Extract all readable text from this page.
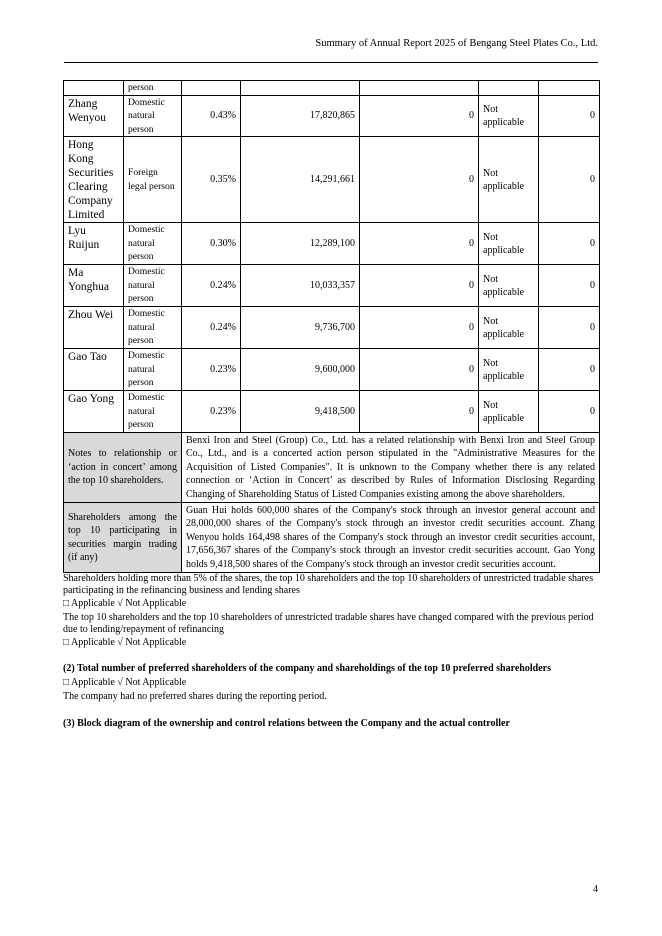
Summary of Annual Report 2025 of Bengang Steel Plates Co., Ltd.
	person					
Zhang Wenyou	Domestic natural person	0.43%	17,820,865	0	Not applicable	0
Hong Kong Securities Clearing Company Limited	Foreign legal person	0.35%	14,291,661	0	Not applicable	0
Lyu Ruijun	Domestic natural person	0.30%	12,289,100	0	Not applicable	0
Ma Yonghua	Domestic natural person	0.24%	10,033,357	0	Not applicable	0
Zhou Wei	Domestic natural person	0.24%	9,736,700	0	Not applicable	0
Gao Tao	Domestic natural person	0.23%	9,600,000	0	Not applicable	0
Gao Yong	Domestic natural person	0.23%	9,418,500	0	Not applicable	0
Notes to relationship or ‘action in concert’ among the top 10 shareholders.		Benxi Iron and Steel (Group) Co., Ltd. has a related relationship with Benxi Iron and Steel Group Co., Ltd., and is a concerted action person stipulated in the "Administrative Measures for the Acquisition of Listed Companies". It is unknown to the Company whether there is any related connection or ‘Action in Concert’ as described by Rules of Information Disclosing Regarding Changing of Shareholding Status of Listed Companies existing among the above shareholders.				
Shareholders among the top 10 participating in securities margin trading (if any)		Guan Hui holds 600,000 shares of the Company's stock through an investor general account and 28,000,000 shares of the Company's stock through an investor credit securities account. Zhang Wenyou holds 164,498 shares of the Company's stock through an investor credit securities account, 17,656,367 shares of the Company's stock through an investor credit securities account. Gao Yong holds 9,418,500 shares of the Company's stock through an investor credit securities account.				
Shareholders holding more than 5% of the shares, the top 10 shareholders and the top 10 shareholders of unrestricted tradable shares participating in the refinancing business and lending shares
□ Applicable √ Not Applicable
The top 10 shareholders and the top 10 shareholders of unrestricted tradable shares have changed compared with the previous period due to lending/repayment of refinancing
□ Applicable √ Not Applicable
(2) Total number of preferred shareholders of the company and shareholdings of the top 10 preferred shareholders
□ Applicable √ Not Applicable
The company had no preferred shares during the reporting period.
(3) Block diagram of the ownership and control relations between the Company and the actual controller
4
